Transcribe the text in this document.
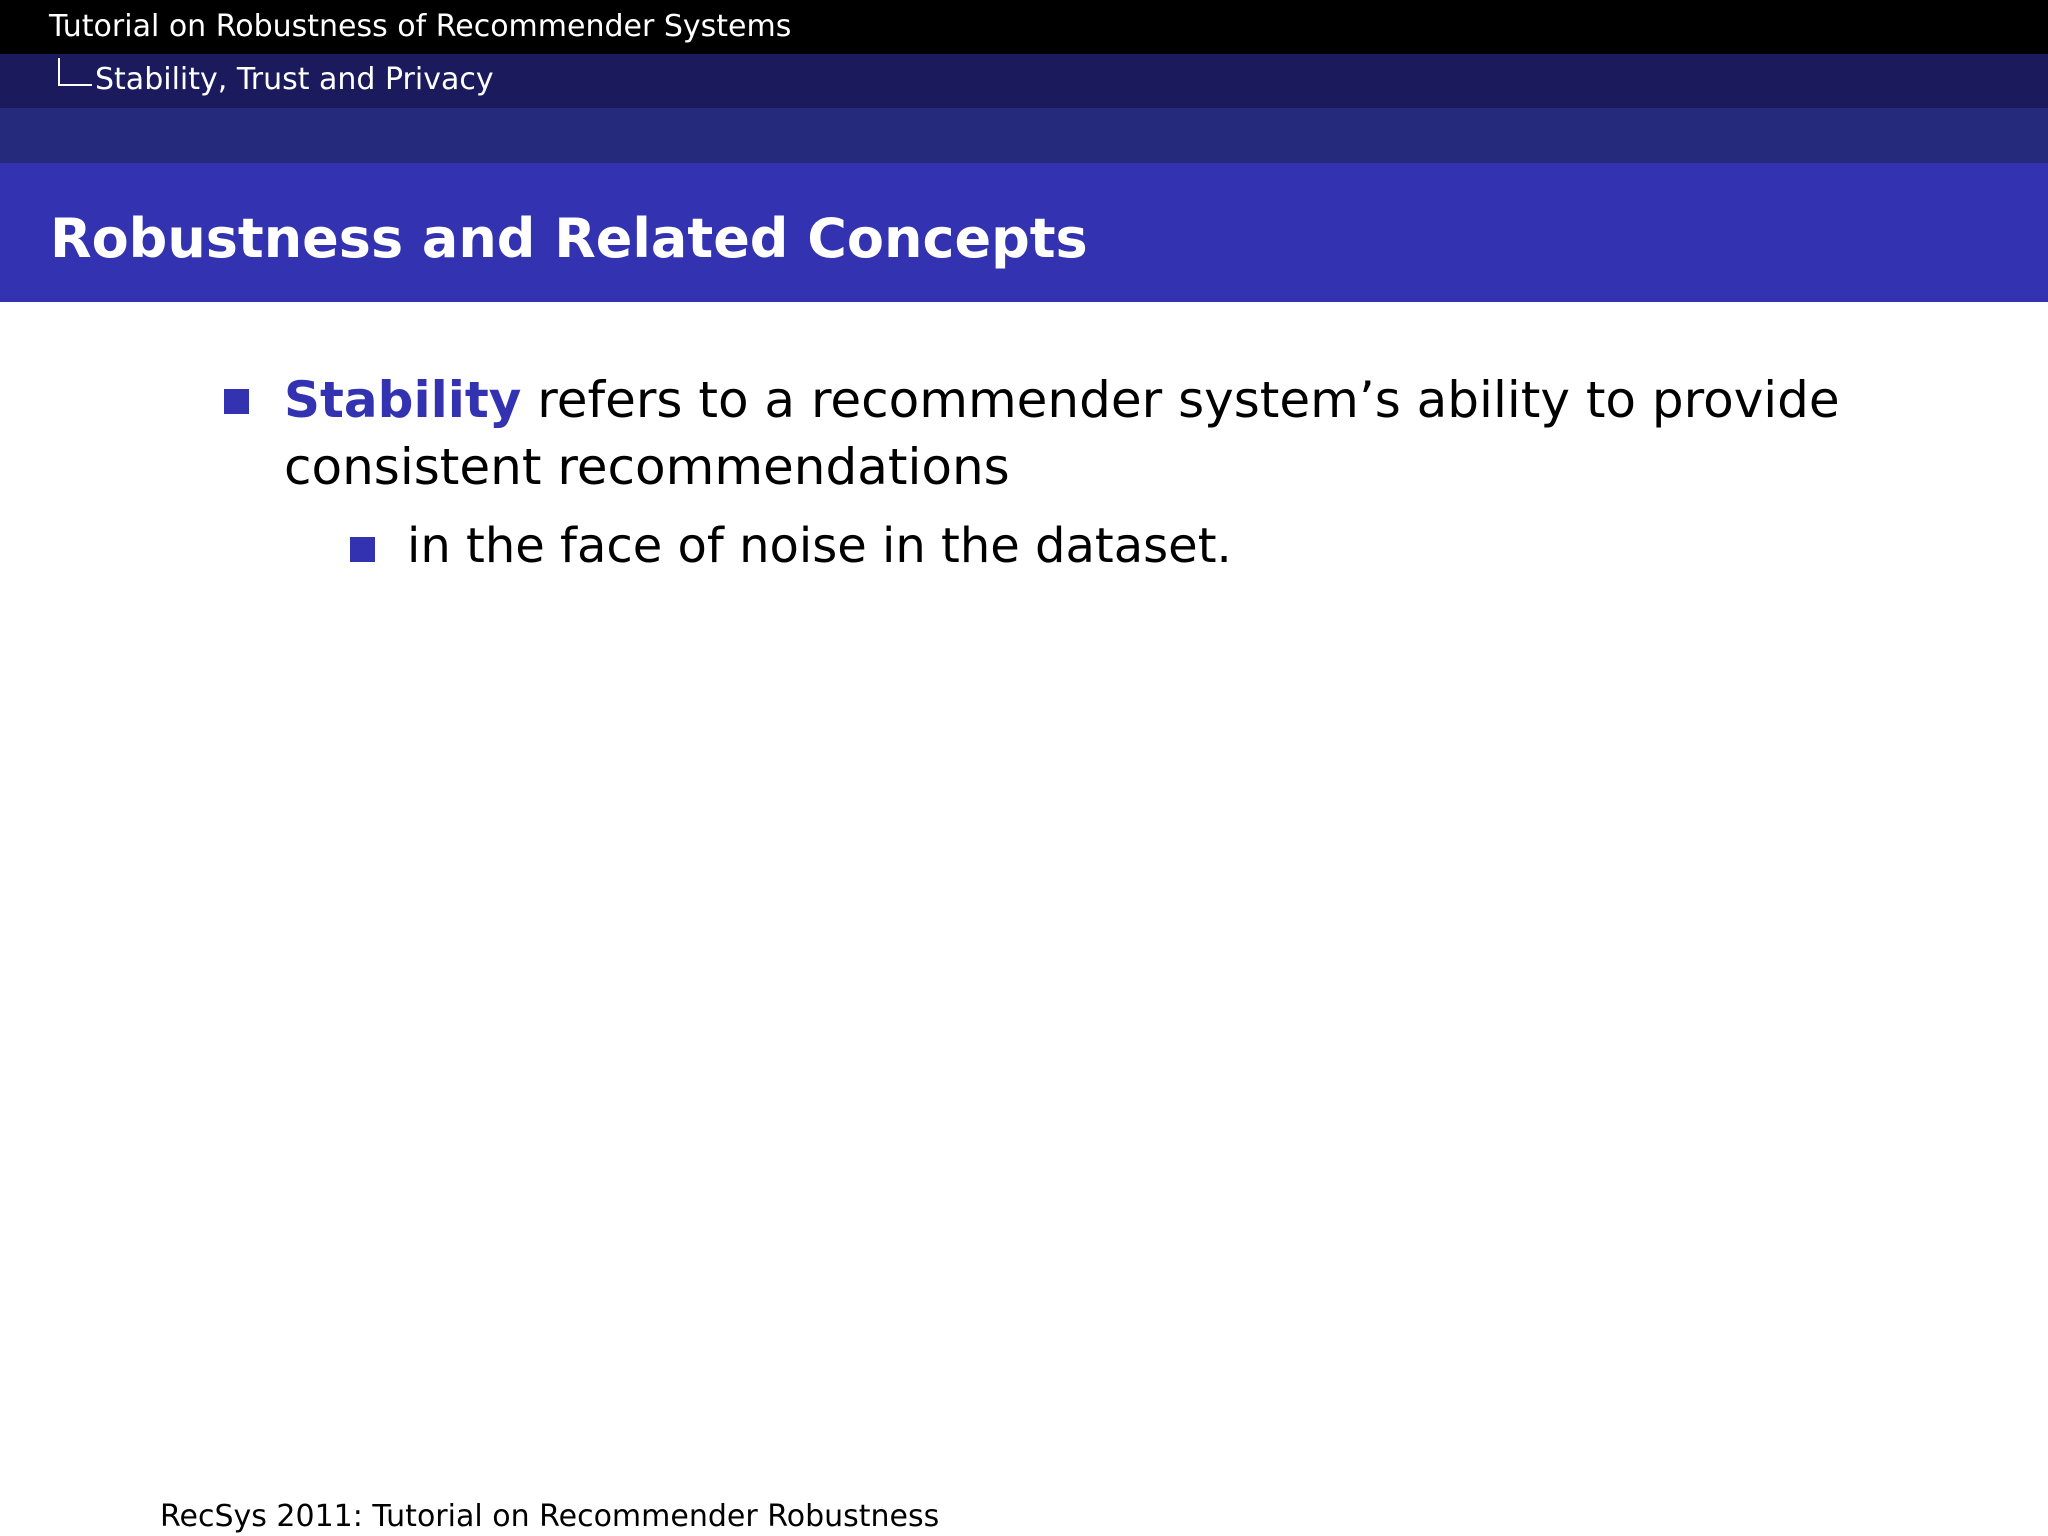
Tutorial on Robustness of Recommender Systems
Stability, Trust and Privacy
Robustness and Related Concepts
Stability refers to a recommender system’s ability to provide consistent recommendations
in the face of noise in the dataset.
RecSys 2011: Tutorial on Recommender Robustness
